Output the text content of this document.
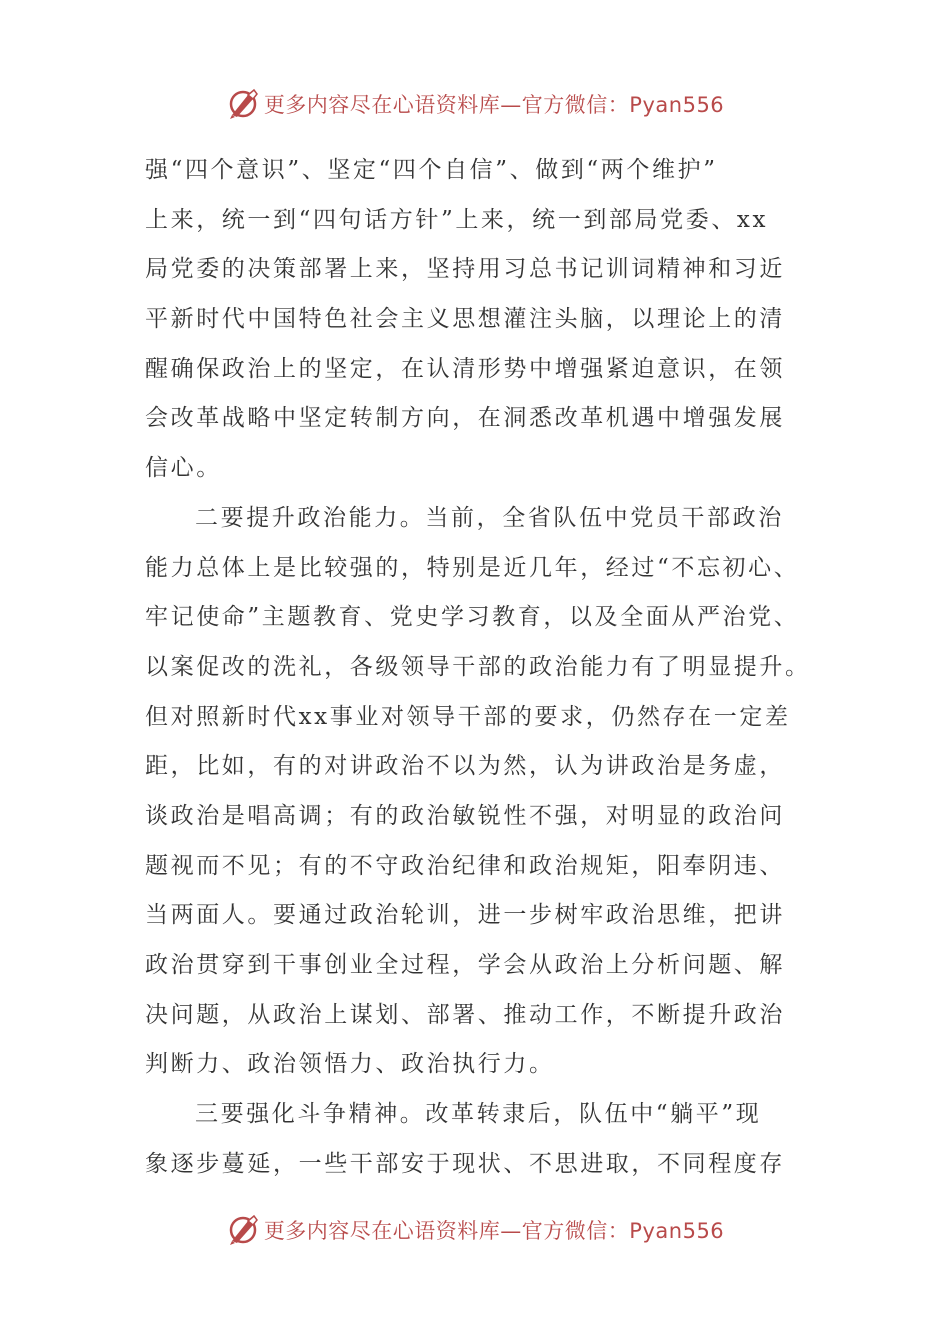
更多内容尽在心语资料库—官方微信：Pyan556
强“四个意识”、坚定“四个自信”、做到“两个维护”
上来，统一到“四句话方针”上来，统一到部局党委、xx
局党委的决策部署上来，坚持用习总书记训词精神和习近
平新时代中国特色社会主义思想灌注头脑，以理论上的清
醒确保政治上的坚定，在认清形势中增强紧迫意识，在领
会改革战略中坚定转制方向，在洞悉改革机遇中增强发展
信心。
二要提升政治能力。当前，全省队伍中党员干部政治
能力总体上是比较强的，特别是近几年，经过“不忘初心、
牢记使命”主题教育、党史学习教育，以及全面从严治党、
以案促改的洗礼，各级领导干部的政治能力有了明显提升。
但对照新时代xx事业对领导干部的要求，仍然存在一定差
距，比如，有的对讲政治不以为然，认为讲政治是务虚，
谈政治是唱高调；有的政治敏锐性不强，对明显的政治问
题视而不见；有的不守政治纪律和政治规矩，阳奉阴违、
当两面人。要通过政治轮训，进一步树牢政治思维，把讲
政治贯穿到干事创业全过程，学会从政治上分析问题、解
决问题，从政治上谋划、部署、推动工作，不断提升政治
判断力、政治领悟力、政治执行力。
三要强化斗争精神。改革转隶后，队伍中“躺平”现
象逐步蔓延，一些干部安于现状、不思进取，不同程度存
更多内容尽在心语资料库—官方微信：Pyan556
